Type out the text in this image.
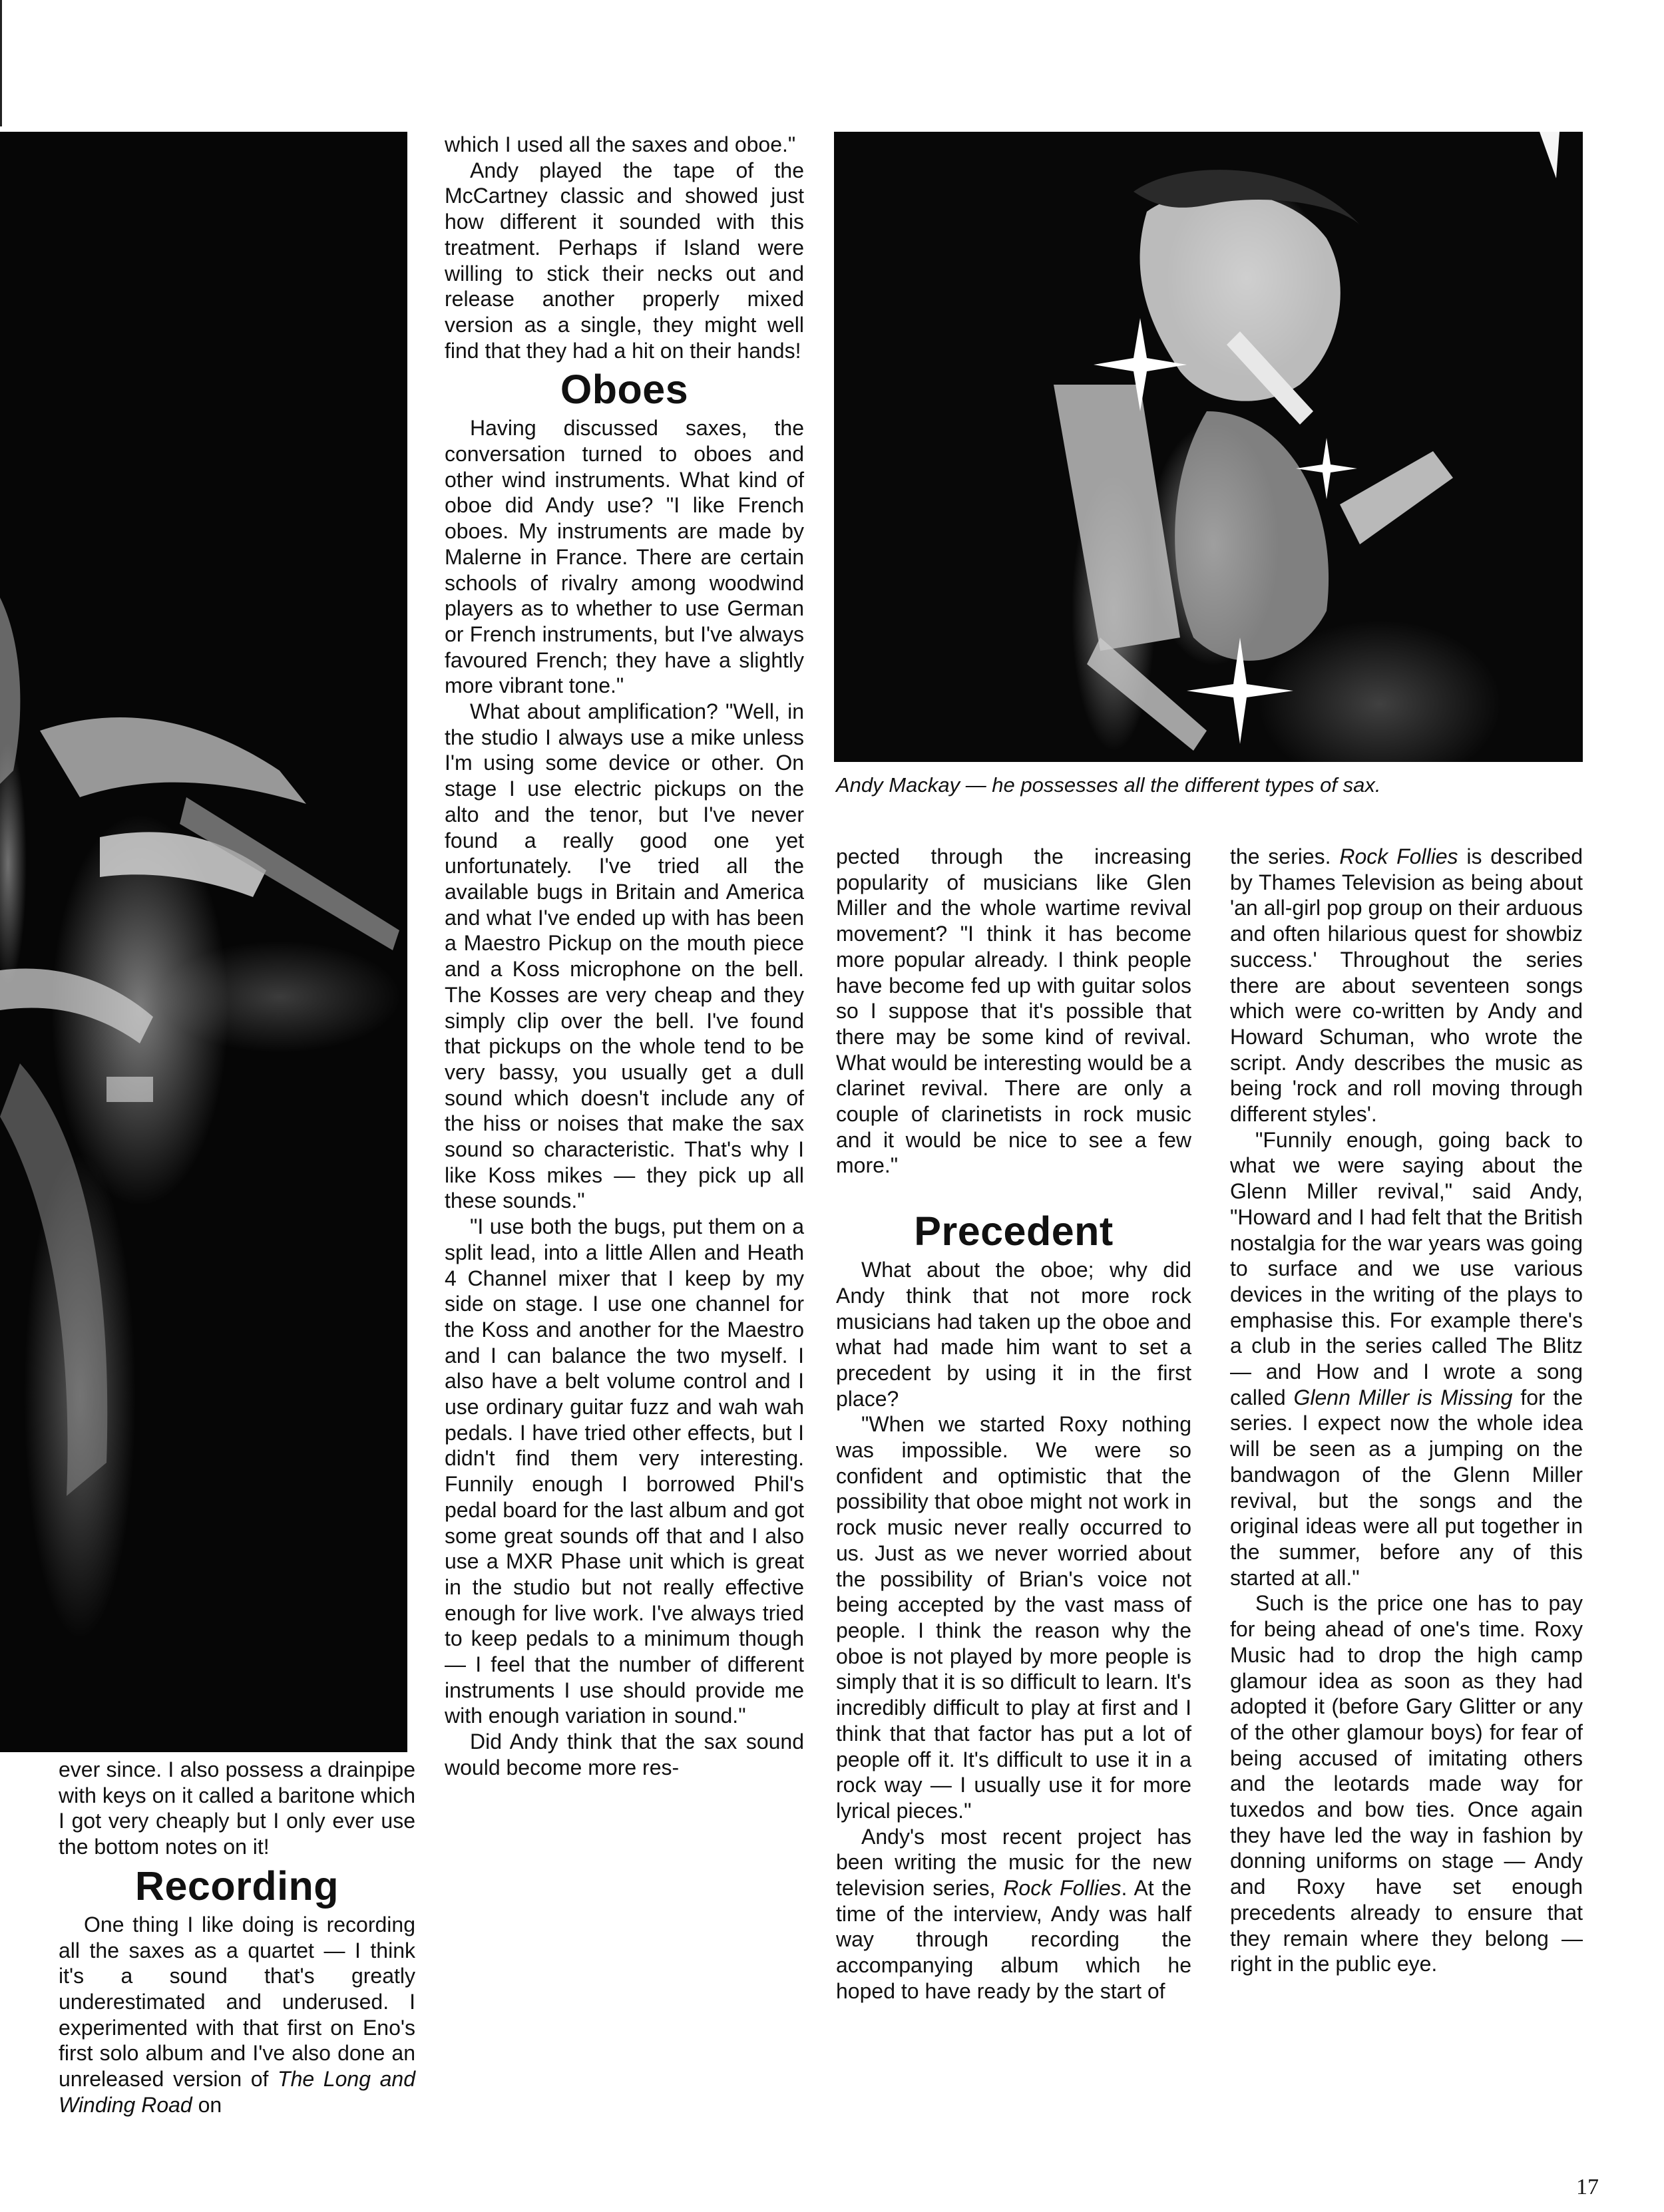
Andy Mackay — he possesses all the different types of sax.

ever since. I also possess a drainpipe with keys on it called a baritone which I got very cheaply but I only ever use the bottom notes on it!

Recording

One thing I like doing is recording all the saxes as a quartet — I think it's a sound that's greatly underestimated and underused. I experimented with that first on Eno's first solo album and I've also done an unreleased version of The Long and Winding Road on

which I used all the saxes and oboe."

Andy played the tape of the McCartney classic and showed just how different it sounded with this treatment. Perhaps if Island were willing to stick their necks out and release another properly mixed version as a single, they might well find that they had a hit on their hands!

Oboes

Having discussed saxes, the conversation turned to oboes and other wind instruments. What kind of oboe did Andy use? "I like French oboes. My instruments are made by Malerne in France. There are certain schools of rivalry among woodwind players as to whether to use German or French instruments, but I've always favoured French; they have a slightly more vibrant tone."

What about amplification? "Well, in the studio I always use a mike unless I'm using some device or other. On stage I use electric pickups on the alto and the tenor, but I've never found a really good one yet unfortunately. I've tried all the available bugs in Britain and America and what I've ended up with has been a Maestro Pickup on the mouth piece and a Koss microphone on the bell. The Kosses are very cheap and they simply clip over the bell. I've found that pickups on the whole tend to be very bassy, you usually get a dull sound which doesn't include any of the hiss or noises that make the sax sound so characteristic. That's why I like Koss mikes — they pick up all these sounds."

"I use both the bugs, put them on a split lead, into a little Allen and Heath 4 Channel mixer that I keep by my side on stage. I use one channel for the Koss and another for the Maestro and I can balance the two myself. I also have a belt volume control and I use ordinary guitar fuzz and wah wah pedals. I have tried other effects, but I didn't find them very interesting. Funnily enough I borrowed Phil's pedal board for the last album and got some great sounds off that and I also use a MXR Phase unit which is great in the studio but not really effective enough for live work. I've always tried to keep pedals to a minimum though — I feel that the number of different instruments I use should provide me with enough variation in sound."

Did Andy think that the sax sound would become more res-

pected through the increasing popularity of musicians like Glen Miller and the whole wartime revival movement? "I think it has become more popular already. I think people have become fed up with guitar solos so I suppose that it's possible that there may be some kind of revival. What would be interesting would be a clarinet revival. There are only a couple of clarinetists in rock music and it would be nice to see a few more."

Precedent

What about the oboe; why did Andy think that not more rock musicians had taken up the oboe and what had made him want to set a precedent by using it in the first place?

"When we started Roxy nothing was impossible. We were so confident and optimistic that the possibility that oboe might not work in rock music never really occurred to us. Just as we never worried about the possibility of Brian's voice not being accepted by the vast mass of people. I think the reason why the oboe is not played by more people is simply that it is so difficult to learn. It's incredibly difficult to play at first and I think that that factor has put a lot of people off it. It's difficult to use it in a rock way — I usually use it for more lyrical pieces."

Andy's most recent project has been writing the music for the new television series, Rock Follies. At the time of the interview, Andy was half way through recording the accompanying album which he hoped to have ready by the start of

the series. Rock Follies is described by Thames Television as being about 'an all-girl pop group on their arduous and often hilarious quest for showbiz success.' Throughout the series there are about seventeen songs which were co-written by Andy and Howard Schuman, who wrote the script. Andy describes the music as being 'rock and roll moving through different styles'.

"Funnily enough, going back to what we were saying about the Glenn Miller revival," said Andy, "Howard and I had felt that the British nostalgia for the war years was going to surface and we use various devices in the writing of the plays to emphasise this. For example there's a club in the series called The Blitz — and How and I wrote a song called Glenn Miller is Missing for the series. I expect now the whole idea will be seen as a jumping on the bandwagon of the Glenn Miller revival, but the songs and the original ideas were all put together in the summer, before any of this started at all."

Such is the price one has to pay for being ahead of one's time. Roxy Music had to drop the high camp glamour idea as soon as they had adopted it (before Gary Glitter or any of the other glamour boys) for fear of being accused of imitating others and the leotards made way for tuxedos and bow ties. Once again they have led the way in fashion by donning uniforms on stage — Andy and Roxy have set enough precedents already to ensure that they remain where they belong — right in the public eye.

17
